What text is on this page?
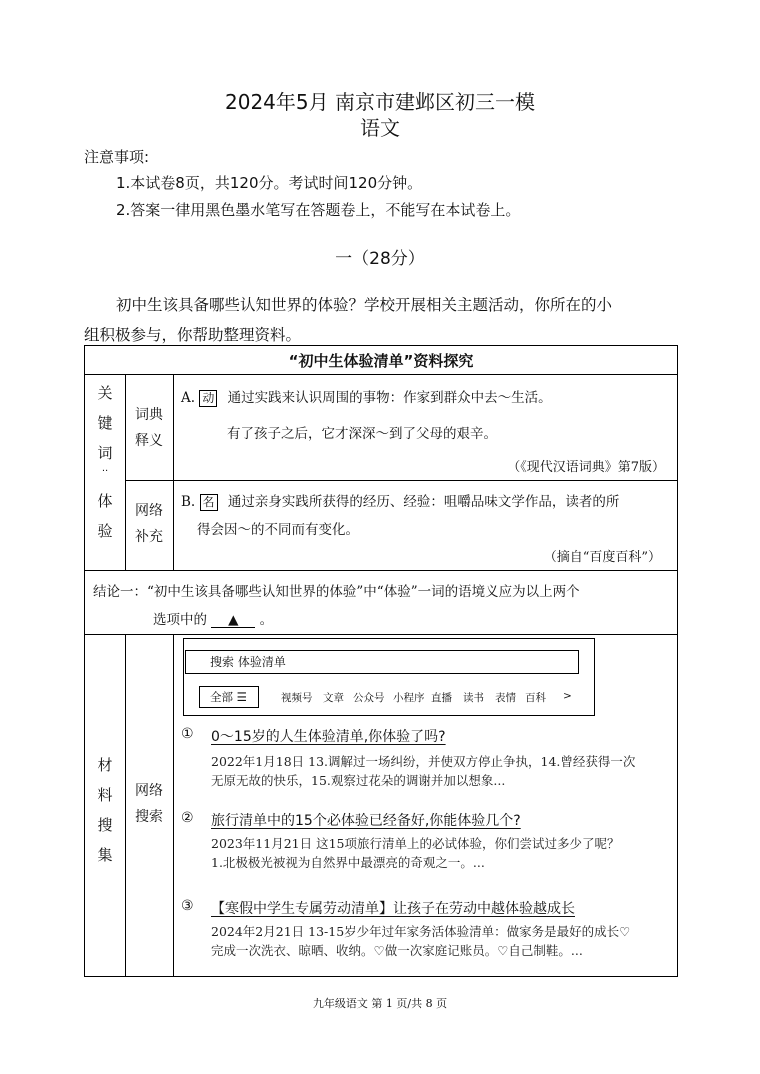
2024年5月 南京市建邺区初三一模
语文
注意事项:
1.本试卷8页，共120分。考试时间120分钟。
2.答案一律用黑色墨水笔写在答题卷上，不能写在本试卷上。
一（28分）
初中生该具备哪些认知世界的体验？学校开展相关主题活动，你所在的小
组积极参与，你帮助整理资料。
“初中生体验清单”资料探究
关
键
词
··
体
验
词典
释义
网络
补充
A. 动 通过实践来认识周围的事物：作家到群众中去～生活。
有了孩子之后，它才深深～到了父母的艰辛。
（《现代汉语词典》第7版）
B. 名 通过亲身实践所获得的经历、经验：咀嚼品味文学作品，读者的所
得会因～的不同而有变化。
（摘自“百度百科”）
结论一：“初中生该具备哪些认知世界的体验”中“体验”一词的语境义应为以上两个
选项中的 ▲ 。
材
料
搜
集
网络
搜索
搜索 体验清单
全部 ☰	视频号 文章 公众号 小程序 直播 读书 表情 百科 >
① 0～15岁的人生体验清单,你体验了吗?
2022年1月18日 13.调解过一场纠纷，并使双方停止争执，14.曾经获得一次
无原无故的快乐，15.观察过花朵的调谢并加以想象...
② 旅行清单中的15个必体验已经备好,你能体验几个?
2023年11月21日 这15项旅行清单上的必试体验，你们尝试过多少了呢？
1.北极极光被视为自然界中最漂亮的奇观之一。...
③ 【寒假中学生专属劳动清单】让孩子在劳动中越体验越成长
2024年2月21日 13-15岁少年过年家务活体验清单：做家务是最好的成长♡
完成一次洗衣、晾晒、收纳。♡做一次家庭记账员。♡自己制鞋。...
九年级语文 第 1 页/共 8 页
